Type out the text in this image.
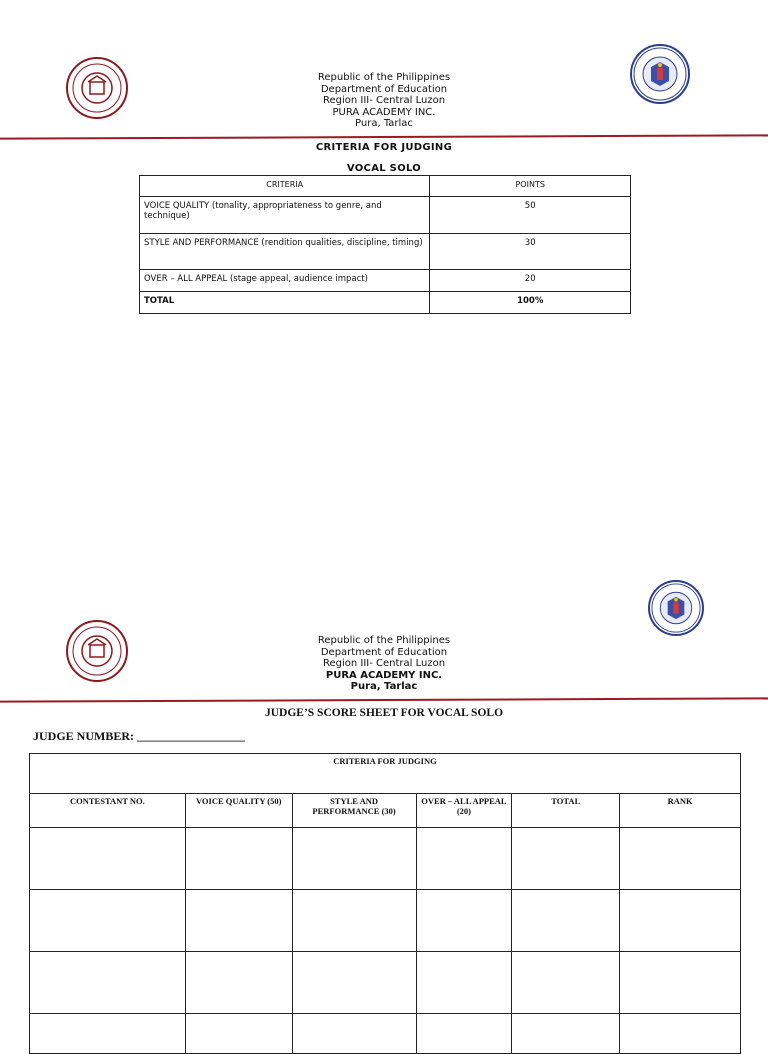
Republic of the Philippines
Department of Education
Region III- Central Luzon
PURA ACADEMY INC.
Pura, Tarlac
CRITERIA FOR JUDGING
VOCAL SOLO
CRITERIA	POINTS
VOICE QUALITY (tonality, appropriateness to genre, and technique)	50
STYLE AND PERFORMANCE (rendition qualities, discipline, timing)	30
OVER – ALL APPEAL (stage appeal, audience impact)	20
TOTAL	100%
Republic of the Philippines
Department of Education
Region III- Central Luzon
PURA ACADEMY INC.
Pura, Tarlac
JUDGE’S SCORE SHEET FOR VOCAL SOLO
JUDGE NUMBER: __________________
CRITERIA FOR JUDGING					
CONTESTANT NO.	VOICE QUALITY (50)	STYLE AND PERFORMANCE (30)	OVER – ALL APPEAL (20)	TOTAL	RANK
